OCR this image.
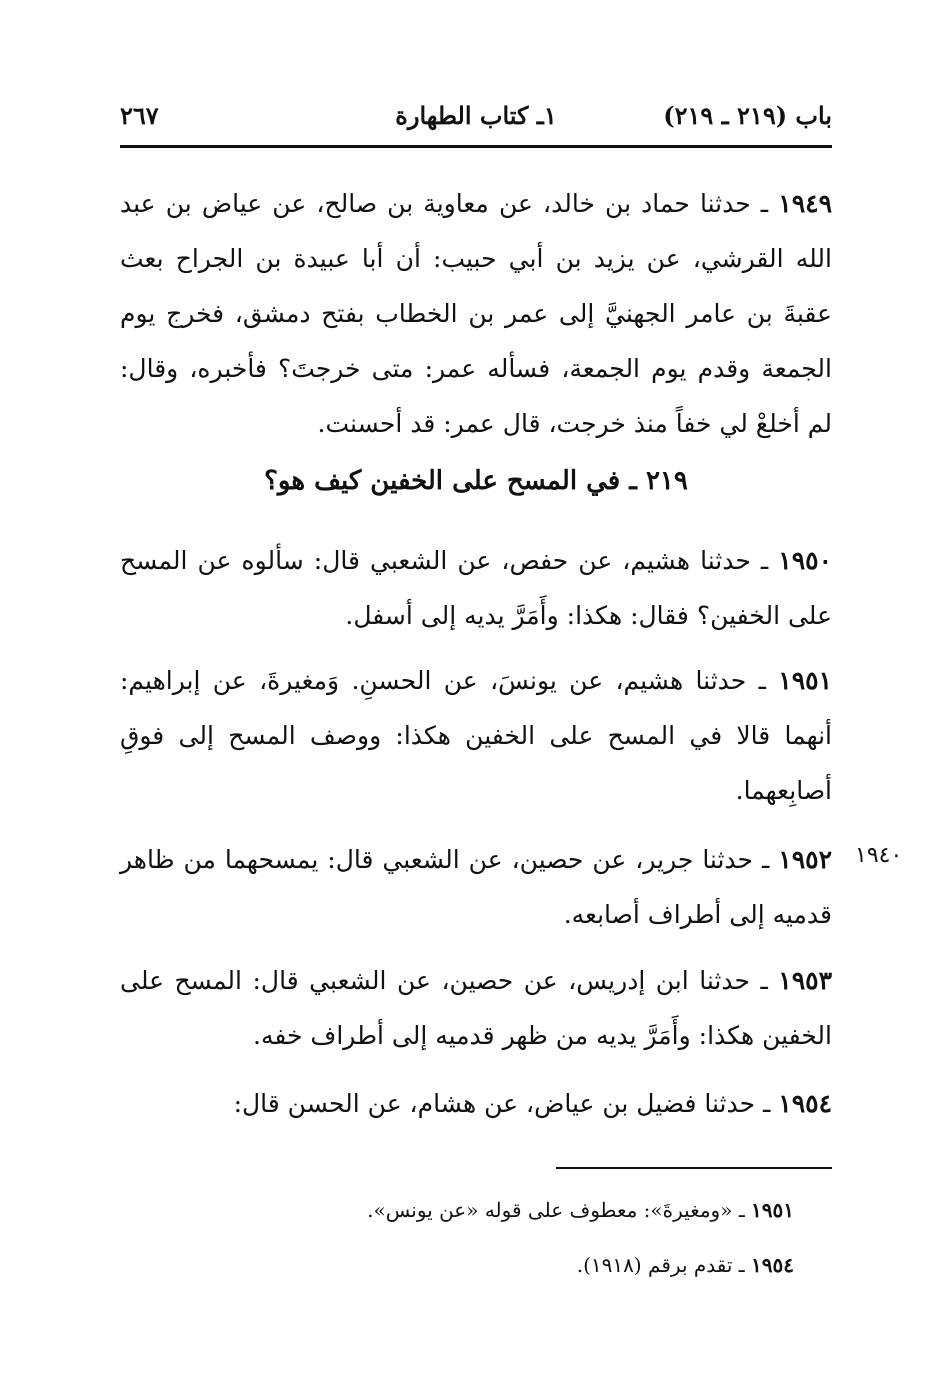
باب (٢١٩ ـ ٢١٩)
١ـ كتاب الطهارة
٢٦٧
١٩٤٩ ـ حدثنا حماد بن خالد، عن معاوية بن صالح، عن عياض بن عبد الله القرشي، عن يزيد بن أبي حبيب: أن أبا عبيدة بن الجراح بعث عقبةَ بن عامر الجهنيَّ إلى عمر بن الخطاب بفتح دمشق، فخرج يوم الجمعة وقدم يوم الجمعة، فسأله عمر: متى خرجتَ؟ فأخبره، وقال: لم أخلعْ لي خفاً منذ خرجت، قال عمر: قد أحسنت.
٢١٩ ـ في المسح على الخفين كيف هو؟
١٩٥٠ ـ حدثنا هشيم، عن حفص، عن الشعبي قال: سألوه عن المسح على الخفين؟ فقال: هكذا: وأَمَرَّ يديه إلى أسفل.
١٩٥١ ـ حدثنا هشيم، عن يونسَ، عن الحسنِ. وَمغيرةَ، عن إبراهيم: أنهما قالا في المسح على الخفين هكذا: ووصف المسح إلى فوقِ أصابِعهما.
١٩٤٠
١٩٥٢ ـ حدثنا جرير، عن حصين، عن الشعبي قال: يمسحهما من ظاهر قدميه إلى أطراف أصابعه.
١٩٥٣ ـ حدثنا ابن إدريس، عن حصين، عن الشعبي قال: المسح على الخفين هكذا: وأَمَرَّ يديه من ظهر قدميه إلى أطراف خفه.
١٩٥٤ ـ حدثنا فضيل بن عياض، عن هشام، عن الحسن قال:
١٩٥١ ـ «ومغيرةَ»: معطوف على قوله «عن يونس».
١٩٥٤ ـ تقدم برقم (١٩١٨).
